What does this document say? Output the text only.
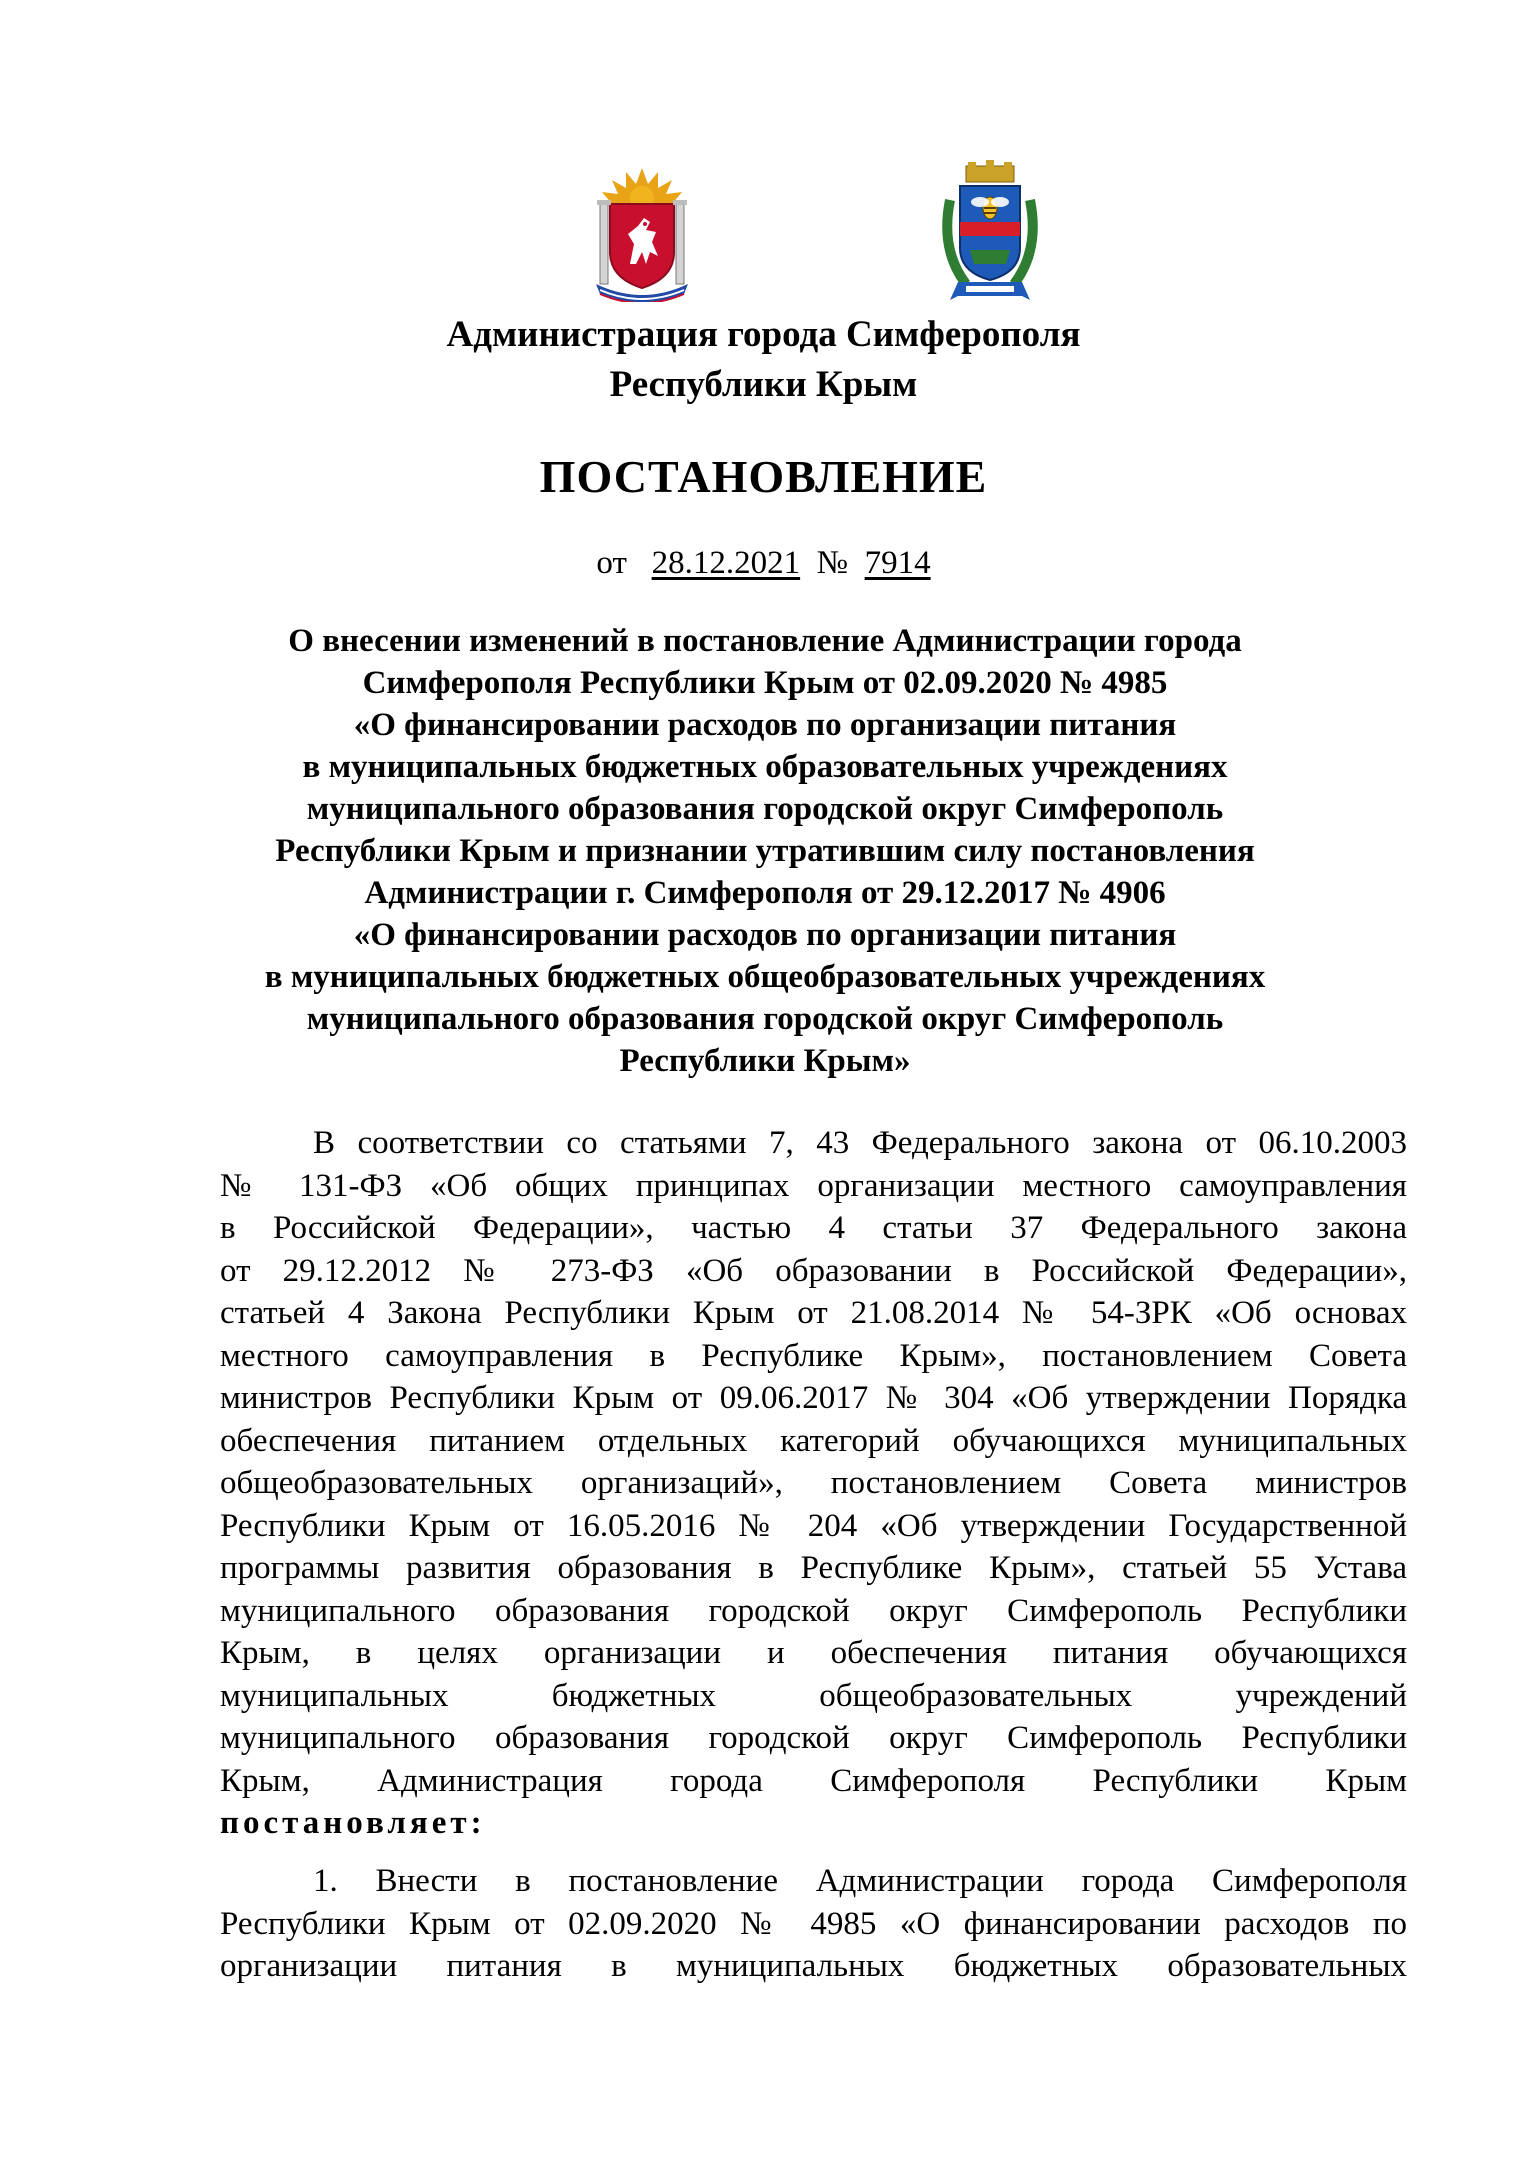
Администрация города Симферополя
Республики Крым
ПОСТАНОВЛЕНИЕ
от 28.12.2021 № 7914
О внесении изменений в постановление Администрации города
Симферополя Республики Крым от 02.09.2020 № 4985
«О финансировании расходов по организации питания
в муниципальных бюджетных образовательных учреждениях
муниципального образования городской округ Симферополь
Республики Крым и признании утратившим силу постановления
Администрации г. Симферополя от 29.12.2017 № 4906
«О финансировании расходов по организации питания
в муниципальных бюджетных общеобразовательных учреждениях
муниципального образования городской округ Симферополь
Республики Крым»
В соответствии со статьями 7, 43 Федерального закона от 06.10.2003
№ 131-ФЗ «Об общих принципах организации местного самоуправления
в Российской Федерации», частью 4 статьи 37 Федерального закона
от 29.12.2012 № 273-ФЗ «Об образовании в Российской Федерации»,
статьей 4 Закона Республики Крым от 21.08.2014 № 54-ЗРК «Об основах
местного самоуправления в Республике Крым», постановлением Совета
министров Республики Крым от 09.06.2017 № 304 «Об утверждении Порядка
обеспечения питанием отдельных категорий обучающихся муниципальных
общеобразовательных организаций», постановлением Совета министров
Республики Крым от 16.05.2016 № 204 «Об утверждении Государственной
программы развития образования в Республике Крым», статьей 55 Устава
муниципального образования городской округ Симферополь Республики
Крым, в целях организации и обеспечения питания обучающихся
муниципальных бюджетных общеобразовательных учреждений
муниципального образования городской округ Симферополь Республики
Крым, Администрация города Симферополя Республики Крым
постановляет:
1. Внести в постановление Администрации города Симферополя
Республики Крым от 02.09.2020 № 4985 «О финансировании расходов по
организации питания в муниципальных бюджетных образовательных
